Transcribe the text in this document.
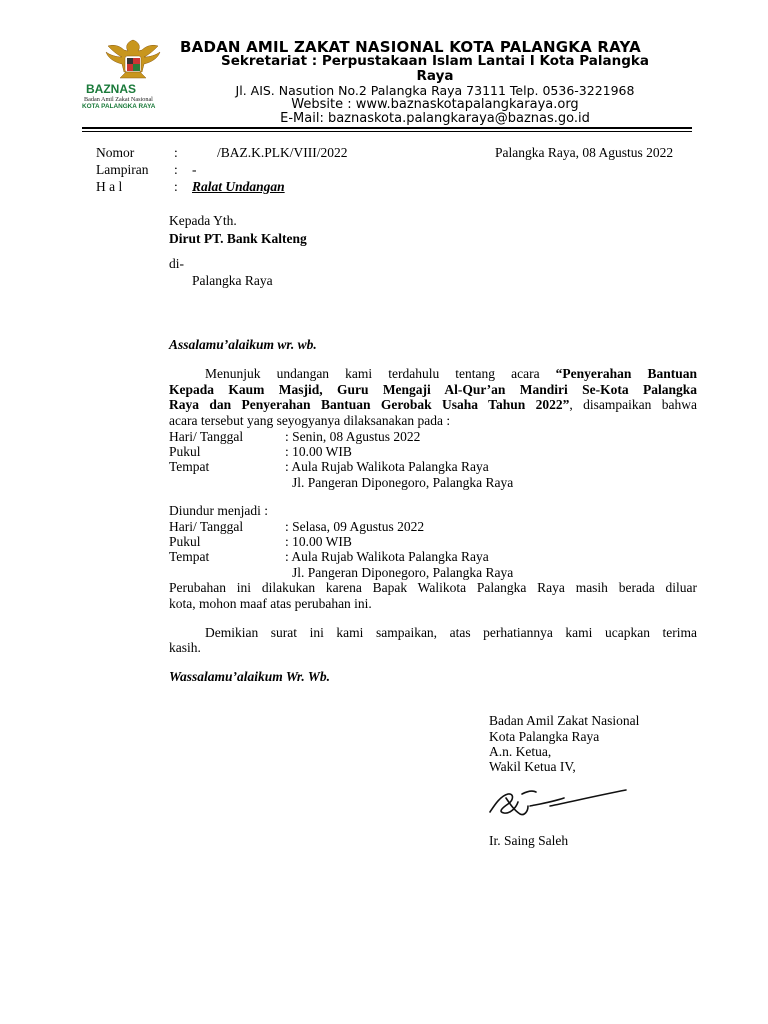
BAZNAS
Badan Amil Zakat Nasional
KOTA PALANGKA RAYA
BADAN AMIL ZAKAT NASIONAL KOTA PALANGKA RAYA
Sekretariat : Perpustakaan Islam Lantai I Kota Palangka
Raya
Jl. AIS. Nasution No.2 Palangka Raya 73111 Telp. 0536-3221968
Website : www.baznaskotapalangkaraya.org
E-Mail: baznaskota.palangkaraya@baznas.go.id
Nomor	:	/BAZ.K.PLK/VIII/2022	Palangka Raya, 08 Agustus 2022
Lampiran : -
H a l	: Ralat Undangan
Kepada Yth.
Dirut PT. Bank Kalteng
di-
Palangka Raya
Assalamu’alaikum wr. wb.
Menunjuk undangan kami terdahulu tentang acara “Penyerahan Bantuan
Kepada Kaum Masjid, Guru Mengaji Al-Qur’an Mandiri Se-Kota Palangka
Raya dan Penyerahan Bantuan Gerobak Usaha Tahun 2022”, disampaikan bahwa
acara tersebut yang seyogyanya dilaksanakan pada :
Hari/ Tanggal	: Senin, 08 Agustus 2022
Pukul	: 10.00 WIB
Tempat	: Aula Rujab Walikota Palangka Raya
Jl. Pangeran Diponegoro, Palangka Raya
Diundur menjadi :
Hari/ Tanggal	: Selasa, 09 Agustus 2022
Pukul	: 10.00 WIB
Tempat	: Aula Rujab Walikota Palangka Raya
Jl. Pangeran Diponegoro, Palangka Raya
Perubahan ini dilakukan karena Bapak Walikota Palangka Raya masih berada diluar
kota, mohon maaf atas perubahan ini.
Demikian surat ini kami sampaikan, atas perhatiannya kami ucapkan terima
kasih.
Wassalamu’alaikum Wr. Wb.
Badan Amil Zakat Nasional
Kota Palangka Raya
A.n. Ketua,
Wakil Ketua IV,
Ir. Saing Saleh
